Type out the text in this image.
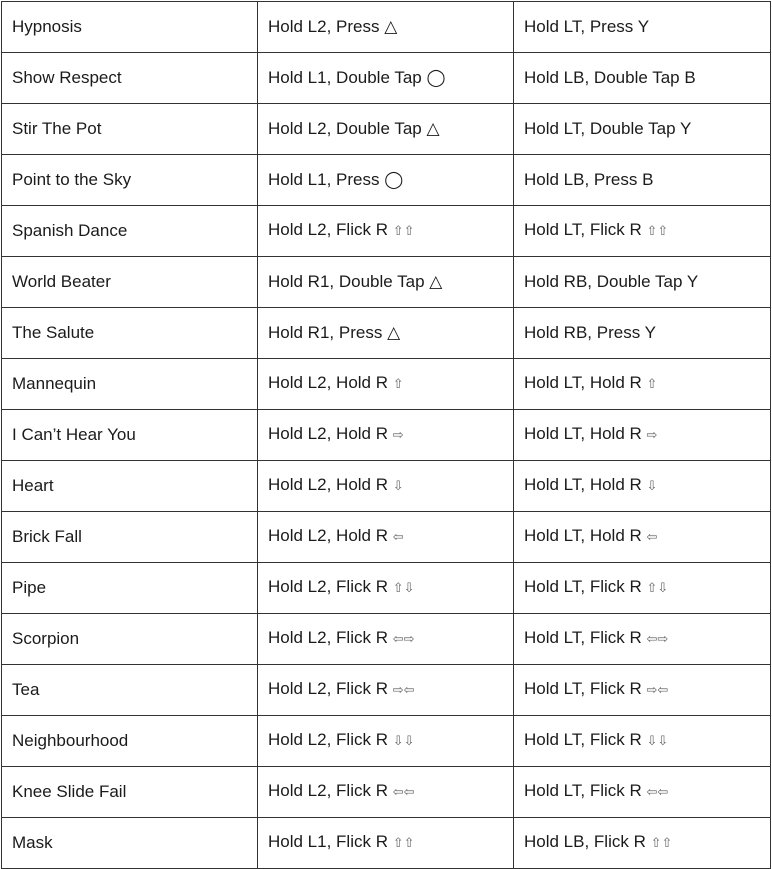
Hypnosis	Hold L2, Press △	Hold LT, Press Y
Show Respect	Hold L1, Double Tap ◯	Hold LB, Double Tap B
Stir The Pot	Hold L2, Double Tap △	Hold LT, Double Tap Y
Point to the Sky	Hold L1, Press ◯	Hold LB, Press B
Spanish Dance	Hold L2, Flick R ⇧⇧	Hold LT, Flick R ⇧⇧
World Beater	Hold R1, Double Tap △	Hold RB, Double Tap Y
The Salute	Hold R1, Press △	Hold RB, Press Y
Mannequin	Hold L2, Hold R ⇧	Hold LT, Hold R ⇧
I Can’t Hear You	Hold L2, Hold R ⇨	Hold LT, Hold R ⇨
Heart	Hold L2, Hold R ⇩	Hold LT, Hold R ⇩
Brick Fall	Hold L2, Hold R ⇦	Hold LT, Hold R ⇦
Pipe	Hold L2, Flick R ⇧⇩	Hold LT, Flick R ⇧⇩
Scorpion	Hold L2, Flick R ⇦⇨	Hold LT, Flick R ⇦⇨
Tea	Hold L2, Flick R ⇨⇦	Hold LT, Flick R ⇨⇦
Neighbourhood	Hold L2, Flick R ⇩⇩	Hold LT, Flick R ⇩⇩
Knee Slide Fail	Hold L2, Flick R ⇦⇦	Hold LT, Flick R ⇦⇦
Mask	Hold L1, Flick R ⇧⇧	Hold LB, Flick R ⇧⇧
